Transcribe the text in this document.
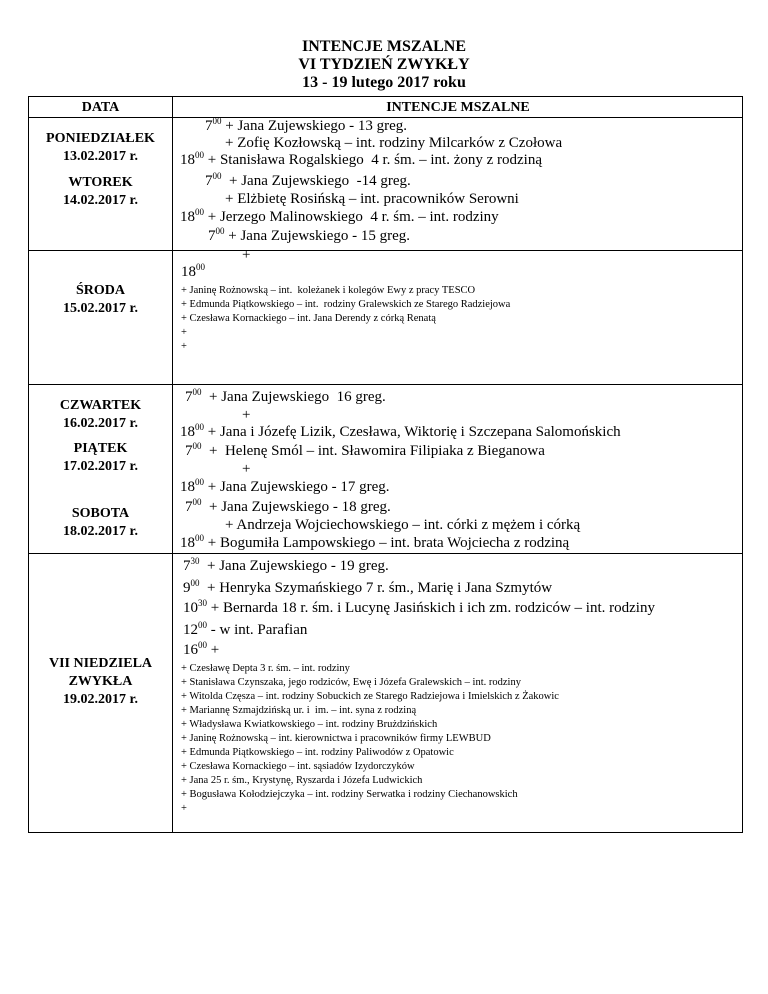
INTENCJE MSZALNE
VI TYDZIEŃ ZWYKŁY
13 - 19 lutego 2017 roku
DATA	INTENCJE MSZALNE
PONIEDZIAŁEK
13.02.2017 r.
WTOREK
14.02.2017 r.
ŚRODA
15.02.2017 r.
CZWARTEK
16.02.2017 r.
PIĄTEK
17.02.2017 r.
SOBOTA
18.02.2017 r.
VII NIEDZIELA
ZWYKŁA
19.02.2017 r.
$7^{00}$ + Jana Zujewskiego - 13 greg.
+ Zofię Kozłowską – int. rodziny Milcarków z Czołowa
$18^{00}$ + Stanisława Rogalskiego  4 r. śm. – int. żony z rodziną
$7^{00}$  + Jana Zujewskiego  -14 greg.
+ Elżbietę Rosińską – int. pracowników Serowni
$18^{00}$ + Jerzego Malinowskiego  4 r. śm. – int. rodziny
$7^{00}$ + Jana Zujewskiego - 15 greg.
+
$18^{00}$
+ Janinę Rożnowską – int.  koleżanek i kolegów Ewy z pracy TESCO
+ Edmunda Piątkowskiego – int.  rodziny Gralewskich ze Starego Radziejowa
+ Czesława Kornackiego – int. Jana Derendy z córką Renatą
+
+
$7^{00}$  + Jana Zujewskiego  16 greg.
+
$18^{00}$ + Jana i Józefę Lizik, Czesława, Wiktorię i Szczepana Salomońskich
$7^{00}$  +  Helenę Smól – int. Sławomira Filipiaka z Bieganowa
+
$18^{00}$ + Jana Zujewskiego - 17 greg.
$7^{00}$  + Jana Zujewskiego - 18 greg.
+ Andrzeja Wojciechowskiego – int. córki z mężem i córką
$18^{00}$ + Bogumiła Lampowskiego – int. brata Wojciecha z rodziną
$7^{30}$  + Jana Zujewskiego - 19 greg.
$9^{00}$  + Henryka Szymańskiego 7 r. śm., Marię i Jana Szmytów
$10^{30}$ + Bernarda 18 r. śm. i Lucynę Jasińskich i ich zm. rodziców – int. rodziny
$12^{00}$ - w int. Parafian
$16^{00}$ +
+ Czesławę Depta 3 r. śm. – int. rodziny
+ Stanisława Czynszaka, jego rodziców, Ewę i Józefa Gralewskich – int. rodziny
+ Witolda Częsza – int. rodziny Sobuckich ze Starego Radziejowa i Imielskich z Żakowic
+ Mariannę Szmajdzińską ur. i  im. – int. syna z rodziną
+ Władysława Kwiatkowskiego – int. rodziny Brużdzińskich
+ Janinę Rożnowską – int. kierownictwa i pracowników firmy LEWBUD
+ Edmunda Piątkowskiego – int. rodziny Paliwodów z Opatowic
+ Czesława Kornackiego – int. sąsiadów Izydorczyków
+ Jana 25 r. śm., Krystynę, Ryszarda i Józefa Ludwickich
+ Bogusława Kołodziejczyka – int. rodziny Serwatka i rodziny Ciechanowskich
+
